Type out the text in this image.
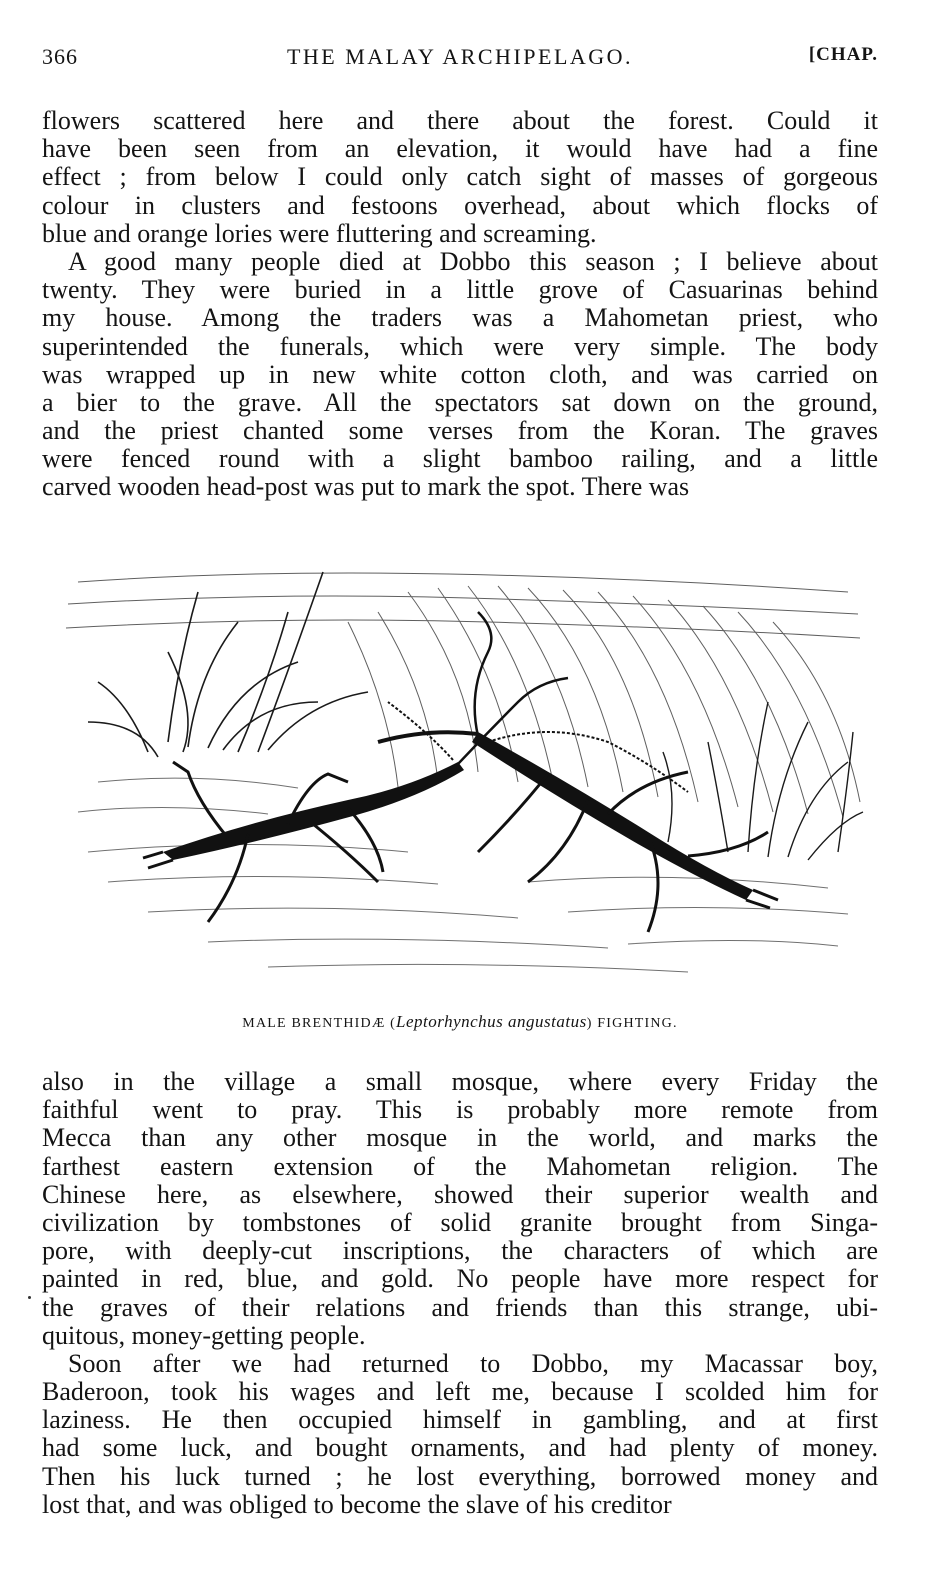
366	THE MALAY ARCHIPELAGO.	[CHAP.
flowers scattered here and there about the forest. Could it
have been seen from an elevation, it would have had a fine
effect ; from below I could only catch sight of masses of gorgeous
colour in clusters and festoons overhead, about which flocks of
blue and orange lories were fluttering and screaming.
A good many people died at Dobbo this season ; I believe about
twenty. They were buried in a little grove of Casuarinas behind
my house. Among the traders was a Mahometan priest, who
superintended the funerals, which were very simple. The body
was wrapped up in new white cotton cloth, and was carried on
a bier to the grave. All the spectators sat down on the ground,
and the priest chanted some verses from the Koran. The graves
were fenced round with a slight bamboo railing, and a little
carved wooden head-post was put to mark the spot. There was
MALE BRENTHIDÆ (Leptorhynchus angustatus) FIGHTING.
also in the village a small mosque, where every Friday the
faithful went to pray. This is probably more remote from
Mecca than any other mosque in the world, and marks the
farthest eastern extension of the Mahometan religion. The
Chinese here, as elsewhere, showed their superior wealth and
civilization by tombstones of solid granite brought from Singa-
pore, with deeply-cut inscriptions, the characters of which are
painted in red, blue, and gold. No people have more respect for
the graves of their relations and friends than this strange, ubi-
quitous, money-getting people.
Soon after we had returned to Dobbo, my Macassar boy,
Baderoon, took his wages and left me, because I scolded him for
laziness. He then occupied himself in gambling, and at first
had some luck, and bought ornaments, and had plenty of money.
Then his luck turned ; he lost everything, borrowed money and
lost that, and was obliged to become the slave of his creditor
